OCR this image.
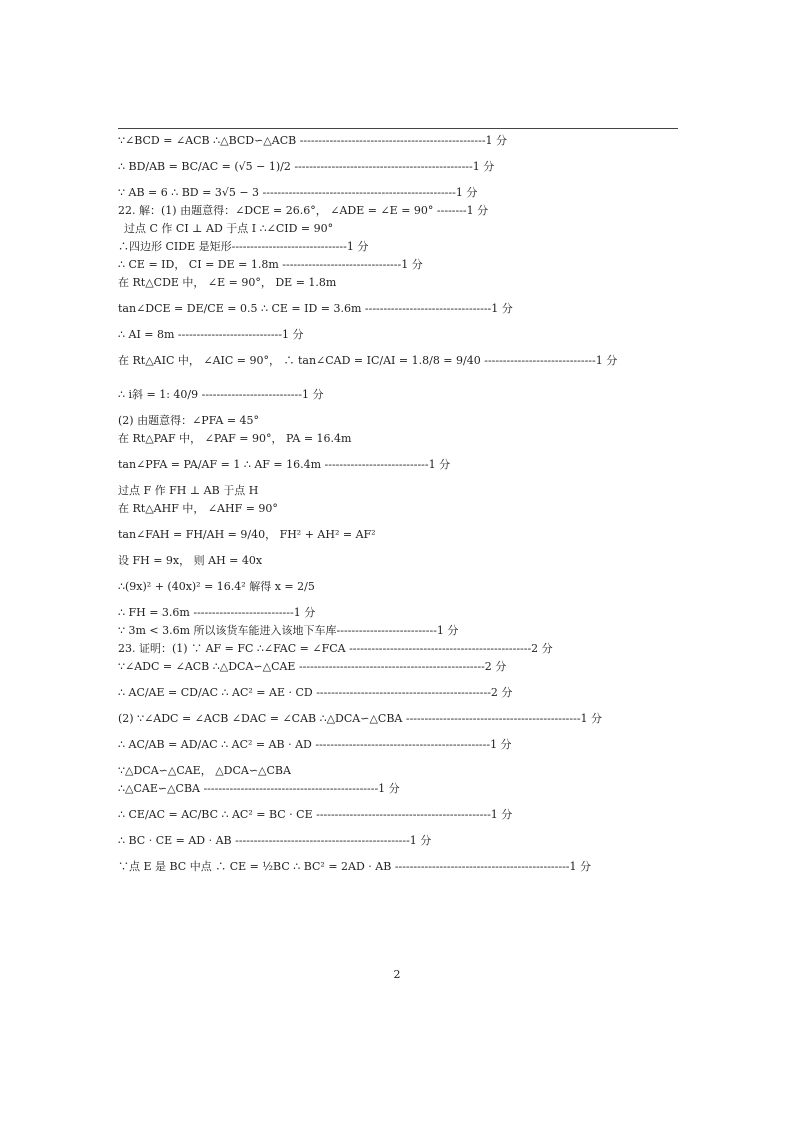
∵∠BCD = ∠ACB ∴△BCD∽△ACB --------------------------------------------------1 分
∴ BD/AB = BC/AC = (√5 − 1)/2 ------------------------------------------------1 分
∵ AB = 6 ∴ BD = 3√5 − 3 ----------------------------------------------------1 分
22. 解：(1) 由题意得：∠DCE = 26.6°， ∠ADE = ∠E = 90° --------1 分
过点 C 作 CI ⊥ AD 于点 I ∴∠CID = 90°
∴四边形 CIDE 是矩形-------------------------------1 分
∴ CE = ID， CI = DE = 1.8m --------------------------------1 分
在 Rt△CDE 中， ∠E = 90°， DE = 1.8m
tan∠DCE = DE/CE = 0.5 ∴ CE = ID = 3.6m ----------------------------------1 分
∴ AI = 8m ----------------------------1 分
在 Rt△AIC 中， ∠AIC = 90°， ∴ tan∠CAD = IC/AI = 1.8/8 = 9/40 ------------------------------1 分
∴ i斜 = 1: 40/9 ---------------------------1 分
(2) 由题意得：∠PFA = 45°
在 Rt△PAF 中， ∠PAF = 90°， PA = 16.4m
tan∠PFA = PA/AF = 1 ∴ AF = 16.4m ----------------------------1 分
过点 F 作 FH ⊥ AB 于点 H
在 Rt△AHF 中， ∠AHF = 90°
tan∠FAH = FH/AH = 9/40， FH² + AH² = AF²
设 FH = 9x， 则 AH = 40x
∴(9x)² + (40x)² = 16.4² 解得 x = 2/5
∴ FH = 3.6m ---------------------------1 分
∵ 3m < 3.6m 所以该货车能进入该地下车库---------------------------1 分
23. 证明：(1) ∵ AF = FC ∴∠FAC = ∠FCA -------------------------------------------------2 分
∵∠ADC = ∠ACB ∴△DCA∽△CAE --------------------------------------------------2 分
∴ AC/AE = CD/AC ∴ AC² = AE · CD -----------------------------------------------2 分
(2) ∵∠ADC = ∠ACB ∠DAC = ∠CAB ∴△DCA∽△CBA -----------------------------------------------1 分
∴ AC/AB = AD/AC ∴ AC² = AB · AD -----------------------------------------------1 分
∵△DCA∽△CAE， △DCA∽△CBA
∴△CAE∽△CBA -----------------------------------------------1 分
∴ CE/AC = AC/BC ∴ AC² = BC · CE -----------------------------------------------1 分
∴ BC · CE = AD · AB -----------------------------------------------1 分
∵点 E 是 BC 中点 ∴ CE = ½BC ∴ BC² = 2AD · AB -----------------------------------------------1 分
2
